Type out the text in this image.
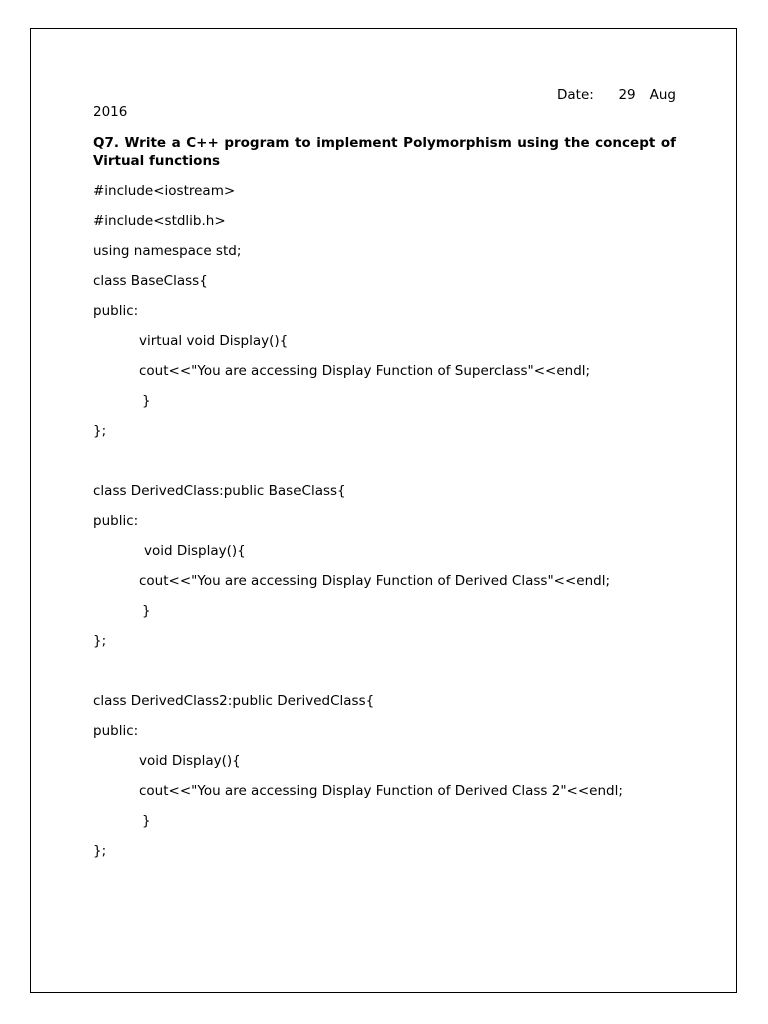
Date: 29 Aug
2016
Q7. Write a C++ program to implement Polymorphism using the concept of Virtual functions
#include<iostream>
#include<stdlib.h>
using namespace std;
class BaseClass{
public:
virtual void Display(){
cout<<"You are accessing Display Function of Superclass"<<endl;
}
};
class DerivedClass:public BaseClass{
public:
void Display(){
cout<<"You are accessing Display Function of Derived Class"<<endl;
}
};
class DerivedClass2:public DerivedClass{
public:
void Display(){
cout<<"You are accessing Display Function of Derived Class 2"<<endl;
}
};
